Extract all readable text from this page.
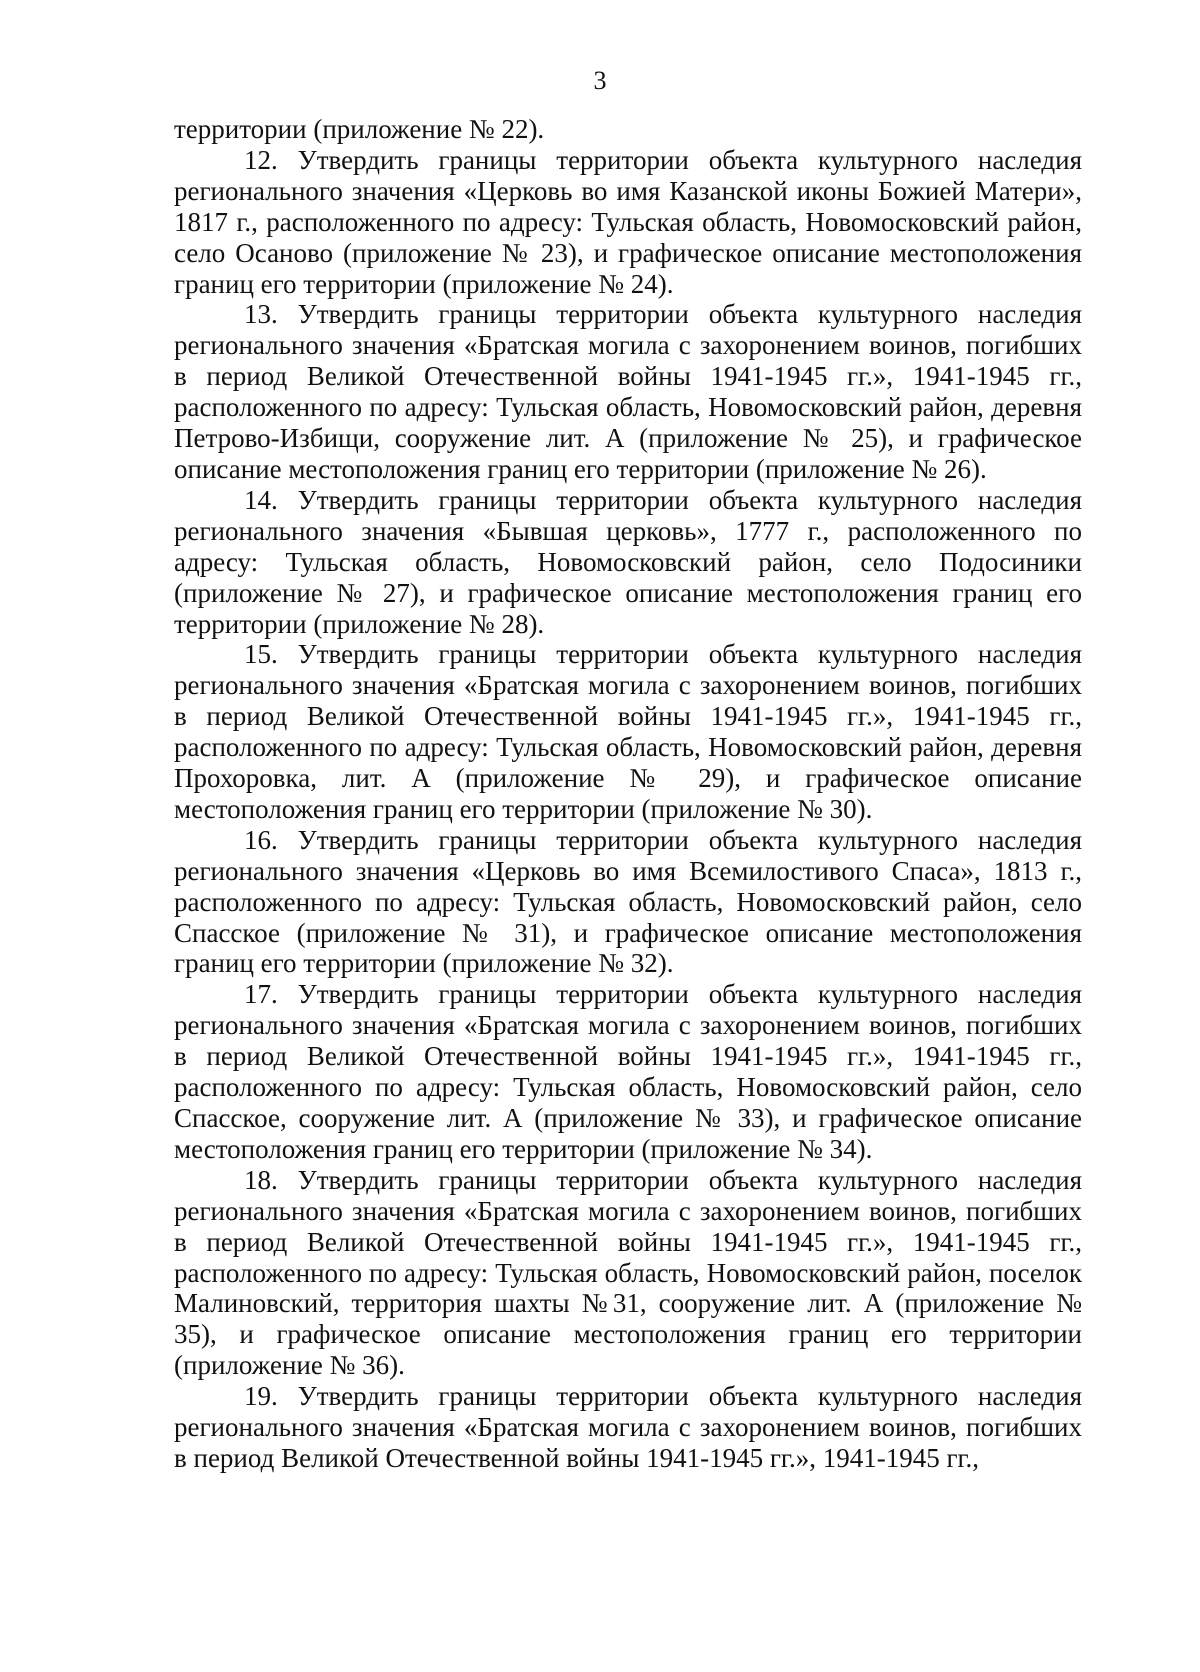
3

территории (приложение № 22).

12. Утвердить границы территории объекта культурного наследия регионального значения «Церковь во имя Казанской иконы Божией Матери», 1817 г., расположенного по адресу: Тульская область, Новомосковский район, село Осаново (приложение № 23), и графическое описание местоположения границ его территории (приложение № 24).

13. Утвердить границы территории объекта культурного наследия регионального значения «Братская могила с захоронением воинов, погибших в период Великой Отечественной войны 1941-1945 гг.», 1941-1945 гг., расположенного по адресу: Тульская область, Новомосковский район, деревня Петрово-Избищи, сооружение лит. А (приложение № 25), и графическое описание местоположения границ его территории (приложение № 26).

14. Утвердить границы территории объекта культурного наследия регионального значения «Бывшая церковь», 1777 г., расположенного по адресу: Тульская область, Новомосковский район, село Подосиники (приложение № 27), и графическое описание местоположения границ его территории (приложение № 28).

15. Утвердить границы территории объекта культурного наследия регионального значения «Братская могила с захоронением воинов, погибших в период Великой Отечественной войны 1941-1945 гг.», 1941-1945 гг., расположенного по адресу: Тульская область, Новомосковский район, деревня Прохоровка, лит. А (приложение № 29), и графическое описание местоположения границ его территории (приложение № 30).

16. Утвердить границы территории объекта культурного наследия регионального значения «Церковь во имя Всемилостивого Спаса», 1813 г., расположенного по адресу: Тульская область, Новомосковский район, село Спасское (приложение № 31), и графическое описание местоположения границ его территории (приложение № 32).

17. Утвердить границы территории объекта культурного наследия регионального значения «Братская могила с захоронением воинов, погибших в период Великой Отечественной войны 1941-1945 гг.», 1941-1945 гг., расположенного по адресу: Тульская область, Новомосковский район, село Спасское, сооружение лит. А (приложение № 33), и графическое описание местоположения границ его территории (приложение № 34).

18. Утвердить границы территории объекта культурного наследия регионального значения «Братская могила с захоронением воинов, погибших в период Великой Отечественной войны 1941-1945 гг.», 1941-1945 гг., расположенного по адресу: Тульская область, Новомосковский район, поселок Малиновский, территория шахты №31, сооружение лит. А (приложение № 35), и графическое описание местоположения границ его территории (приложение № 36).

19. Утвердить границы территории объекта культурного наследия регионального значения «Братская могила с захоронением воинов, погибших в период Великой Отечественной войны 1941-1945 гг.», 1941-1945 гг.,
